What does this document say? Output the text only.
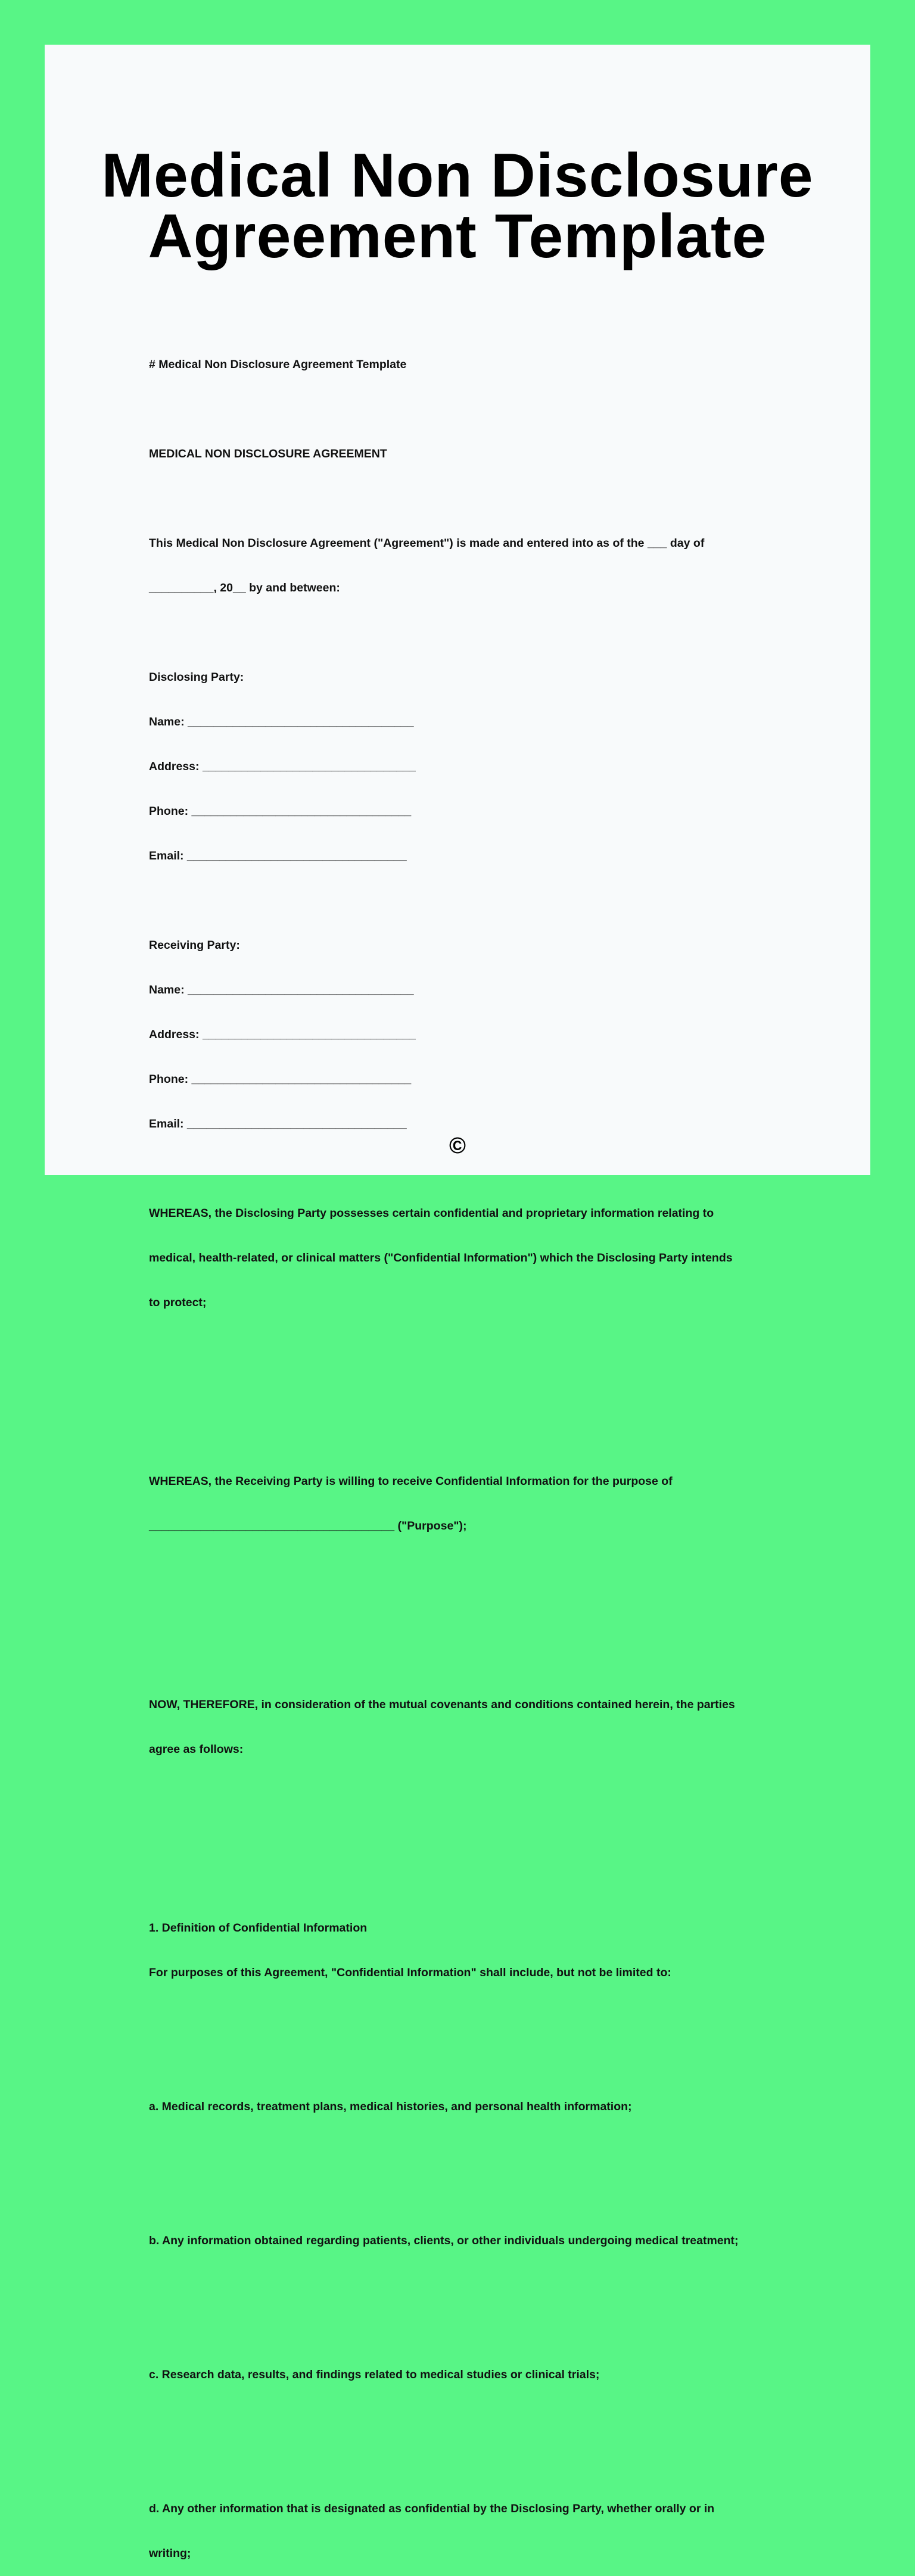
Medical Non Disclosure
Agreement Template

# Medical Non Disclosure Agreement Template

MEDICAL NON DISCLOSURE AGREEMENT

This Medical Non Disclosure Agreement ("Agreement") is made and entered into as of the ___ day of

__________, 20__ by and between:

Disclosing Party:

Name: ___________________________________

Address: _________________________________

Phone: __________________________________

Email: __________________________________

Receiving Party:

Name: ___________________________________

Address: _________________________________

Phone: __________________________________

Email: __________________________________

WHEREAS, the Disclosing Party possesses certain confidential and proprietary information relating to

medical, health-related, or clinical matters ("Confidential Information") which the Disclosing Party intends

to protect;

WHEREAS, the Receiving Party is willing to receive Confidential Information for the purpose of

______________________________________ ("Purpose");

NOW, THEREFORE, in consideration of the mutual covenants and conditions contained herein, the parties

agree as follows:

1. Definition of Confidential Information

For purposes of this Agreement, "Confidential Information" shall include, but not be limited to:

a. Medical records, treatment plans, medical histories, and personal health information;

b. Any information obtained regarding patients, clients, or other individuals undergoing medical treatment;

c. Research data, results, and findings related to medical studies or clinical trials;

d. Any other information that is designated as confidential by the Disclosing Party, whether orally or in

writing;

©
